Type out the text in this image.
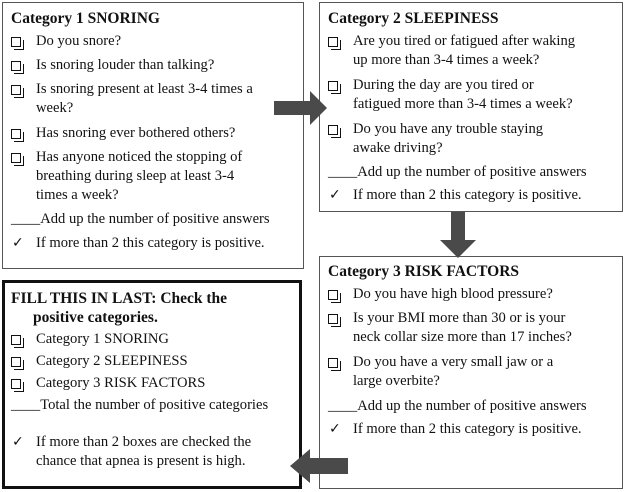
Category 1 SNORING
Do you snore?
Is snoring louder than talking?
Is snoring present at least 3-4 times a
week?
Has snoring ever bothered others?
Has anyone noticed the stopping of
breathing during sleep at least 3-4
times a week?
____Add up the number of positive answers
✓ If more than 2 this category is positive.
Category 2 SLEEPINESS
Are you tired or fatigued after waking
up more than 3-4 times a week?
During the day are you tired or
fatigued more than 3-4 times a week?
Do you have any trouble staying
awake driving?
____Add up the number of positive answers
✓ If more than 2 this category is positive.
Category 3 RISK FACTORS
Do you have high blood pressure?
Is your BMI more than 30 or is your
neck collar size more than 17 inches?
Do you have a very small jaw or a
large overbite?
____Add up the number of positive answers
✓ If more than 2 this category is positive.
FILL THIS IN LAST: Check the
positive categories.
Category 1 SNORING
Category 2 SLEEPINESS
Category 3 RISK FACTORS
____Total the number of positive categories
✓ If more than 2 boxes are checked the
chance that apnea is present is high.
